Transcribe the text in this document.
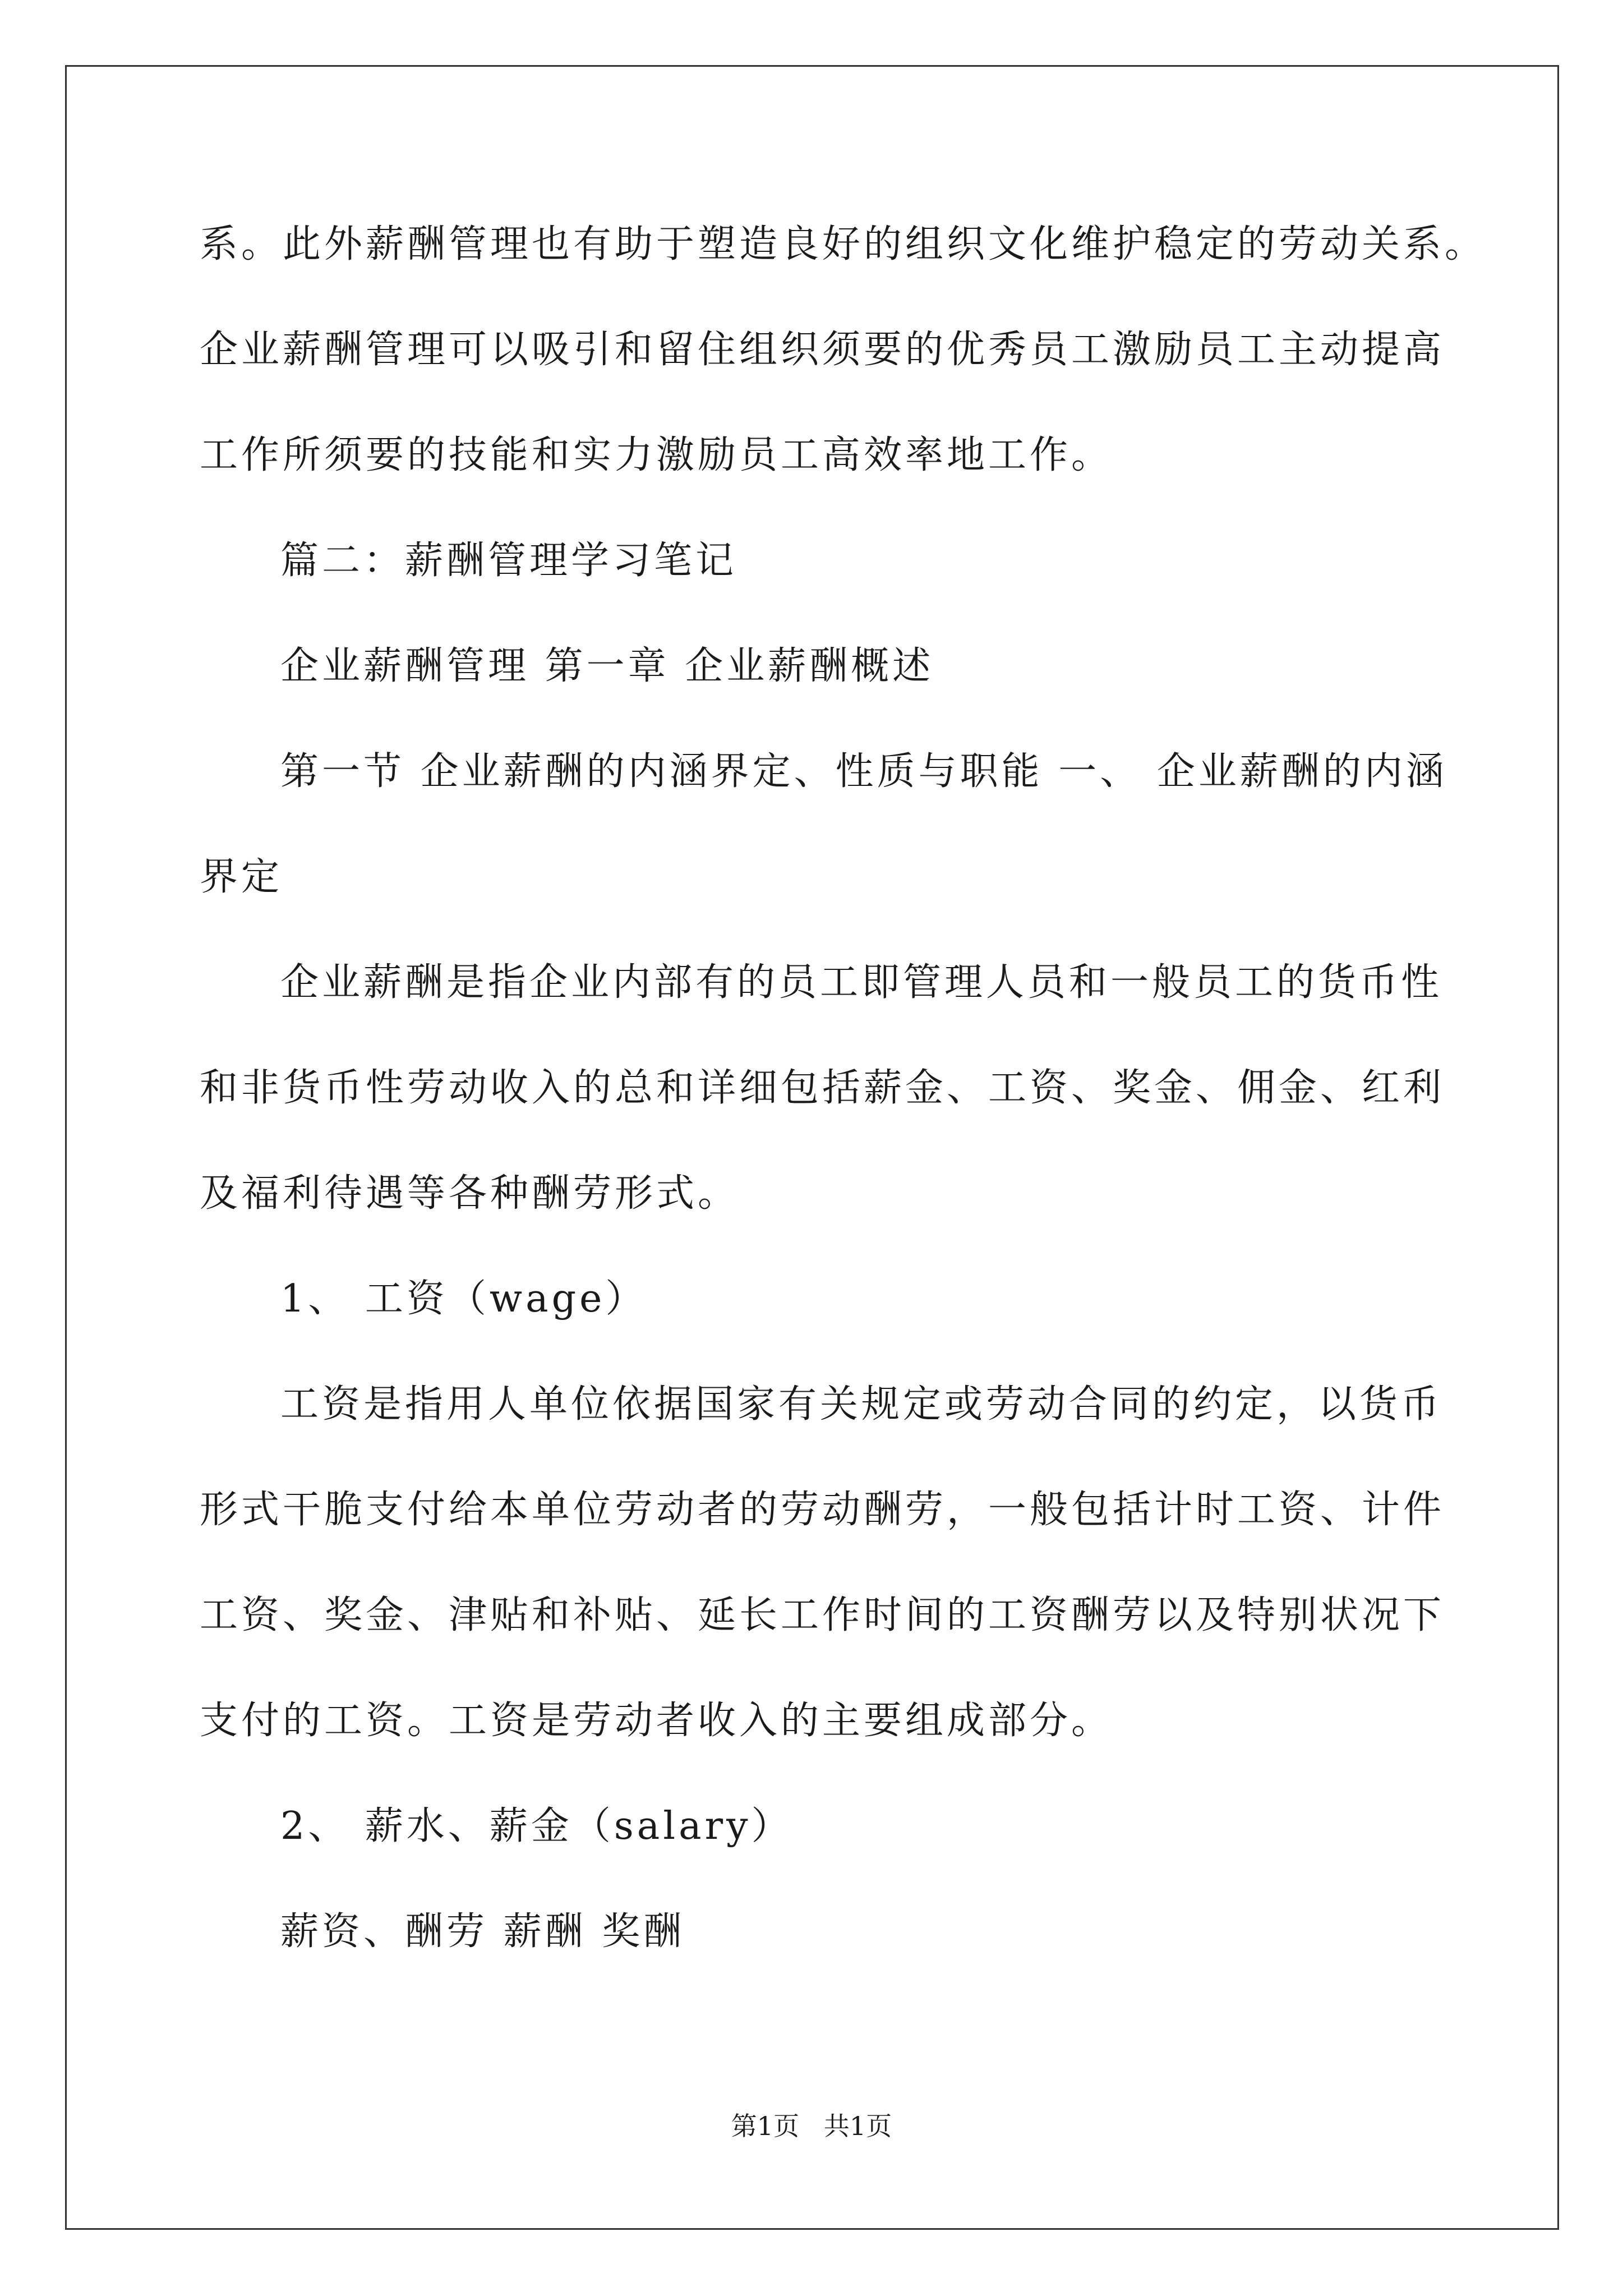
系。此外薪酬管理也有助于塑造良好的组织文化维护稳定的劳动关系。
企业薪酬管理可以吸引和留住组织须要的优秀员工激励员工主动提高
工作所须要的技能和实力激励员工高效率地工作。
篇二：薪酬管理学习笔记
企业薪酬管理 第一章 企业薪酬概述
第一节 企业薪酬的内涵界定、性质与职能 一、 企业薪酬的内涵
界定
企业薪酬是指企业内部有的员工即管理人员和一般员工的货币性
和非货币性劳动收入的总和详细包括薪金、工资、奖金、佣金、红利
及福利待遇等各种酬劳形式。
1、 工资（wage）
工资是指用人单位依据国家有关规定或劳动合同的约定，以货币
形式干脆支付给本单位劳动者的劳动酬劳，一般包括计时工资、计件
工资、奖金、津贴和补贴、延长工作时间的工资酬劳以及特别状况下
支付的工资。工资是劳动者收入的主要组成部分。
2、 薪水、薪金（salary）
薪资、酬劳 薪酬 奖酬
第1页   共1页
